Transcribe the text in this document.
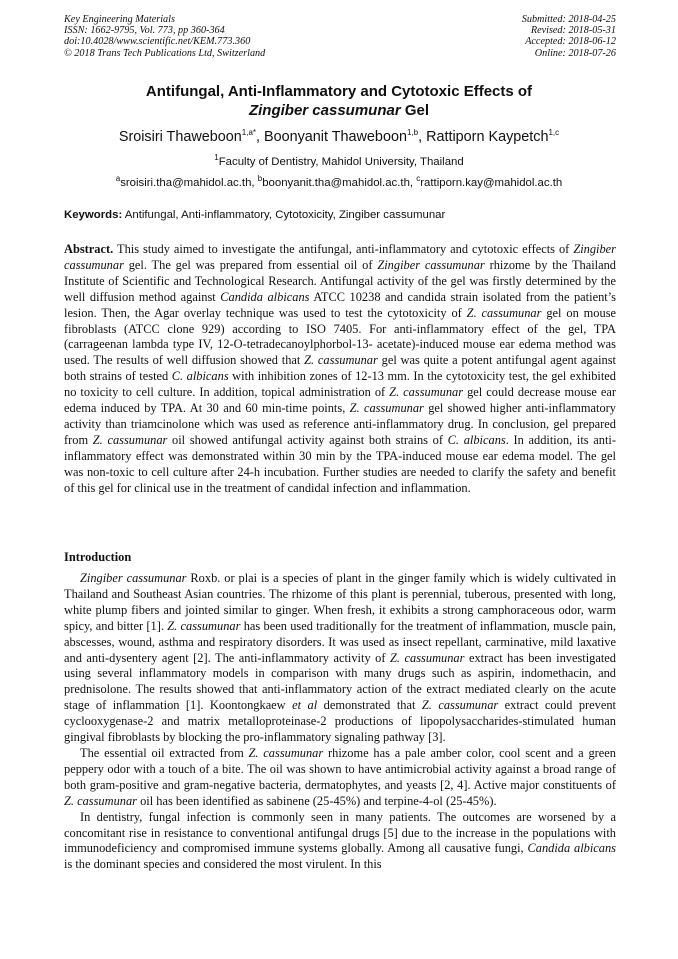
Key Engineering Materials
ISSN: 1662-9795, Vol. 773, pp 360-364
doi:10.4028/www.scientific.net/KEM.773.360
© 2018 Trans Tech Publications Ltd, Switzerland
Submitted: 2018-04-25
Revised: 2018-05-31
Accepted: 2018-06-12
Online: 2018-07-26
Antifungal, Anti-Inflammatory and Cytotoxic Effects of
Zingiber cassumunar Gel
Sroisiri Thaweboon$^{1,a*}$, Boonyanit Thaweboon$^{1,b}$, Rattiporn Kaypetch$^{1,c}$
$^1$Faculty of Dentistry, Mahidol University, Thailand
$^a$sroisiri.tha@mahidol.ac.th, $^b$boonyanit.tha@mahidol.ac.th, $^c$rattiporn.kay@mahidol.ac.th
Keywords: Antifungal, Anti-inflammatory, Cytotoxicity, Zingiber cassumunar

Abstract. This study aimed to investigate the antifungal, anti-inflammatory and cytotoxic effects of Zingiber cassumunar gel. The gel was prepared from essential oil of Zingiber cassumunar rhizome by the Thailand Institute of Scientific and Technological Research. Antifungal activity of the gel was firstly determined by the well diffusion method against Candida albicans ATCC 10238 and candida strain isolated from the patient’s lesion. Then, the Agar overlay technique was used to test the cytotoxicity of Z. cassumunar gel on mouse fibroblasts (ATCC clone 929) according to ISO 7405. For anti-inflammatory effect of the gel, TPA (carrageenan lambda type IV, 12-O-tetradecanoylphorbol-13- acetate)-induced mouse ear edema method was used. The results of well diffusion showed that Z. cassumunar gel was quite a potent antifungal agent against both strains of tested C. albicans with inhibition zones of 12-13 mm. In the cytotoxicity test, the gel exhibited no toxicity to cell culture. In addition, topical administration of Z. cassumunar gel could decrease mouse ear edema induced by TPA. At 30 and 60 min-time points, Z. cassumunar gel showed higher anti-inflammatory activity than triamcinolone which was used as reference anti-inflammatory drug. In conclusion, gel prepared from Z. cassumunar oil showed antifungal activity against both strains of C. albicans. In addition, its anti-inflammatory effect was demonstrated within 30 min by the TPA-induced mouse ear edema model. The gel was non-toxic to cell culture after 24-h incubation. Further studies are needed to clarify the safety and benefit of this gel for clinical use in the treatment of candidal infection and inflammation.

Introduction

Zingiber cassumunar Roxb. or plai is a species of plant in the ginger family which is widely cultivated in Thailand and Southeast Asian countries. The rhizome of this plant is perennial, tuberous, presented with long, white plump fibers and jointed similar to ginger. When fresh, it exhibits a strong camphoraceous odor, warm spicy, and bitter [1]. Z. cassumunar has been used traditionally for the treatment of inflammation, muscle pain, abscesses, wound, asthma and respiratory disorders. It was used as insect repellant, carminative, mild laxative and anti-dysentery agent [2]. The anti-inflammatory activity of Z. cassumunar extract has been investigated using several inflammatory models in comparison with many drugs such as aspirin, indomethacin, and prednisolone. The results showed that anti-inflammatory action of the extract mediated clearly on the acute stage of inflammation [1]. Koontongkaew et al demonstrated that Z. cassumunar extract could prevent cyclooxygenase-2 and matrix metalloproteinase-2 productions of lipopolysaccharides-stimulated human gingival fibroblasts by blocking the pro-inflammatory signaling pathway [3].

The essential oil extracted from Z. cassumunar rhizome has a pale amber color, cool scent and a green peppery odor with a touch of a bite. The oil was shown to have antimicrobial activity against a broad range of both gram-positive and gram-negative bacteria, dermatophytes, and yeasts [2, 4]. Active major constituents of Z. cassumunar oil has been identified as sabinene (25-45%) and terpine-4-ol (25-45%).

In dentistry, fungal infection is commonly seen in many patients. The outcomes are worsened by a concomitant rise in resistance to conventional antifungal drugs [5] due to the increase in the populations with immunodeficiency and compromised immune systems globally. Among all causative fungi, Candida albicans is the dominant species and considered the most virulent. In this
